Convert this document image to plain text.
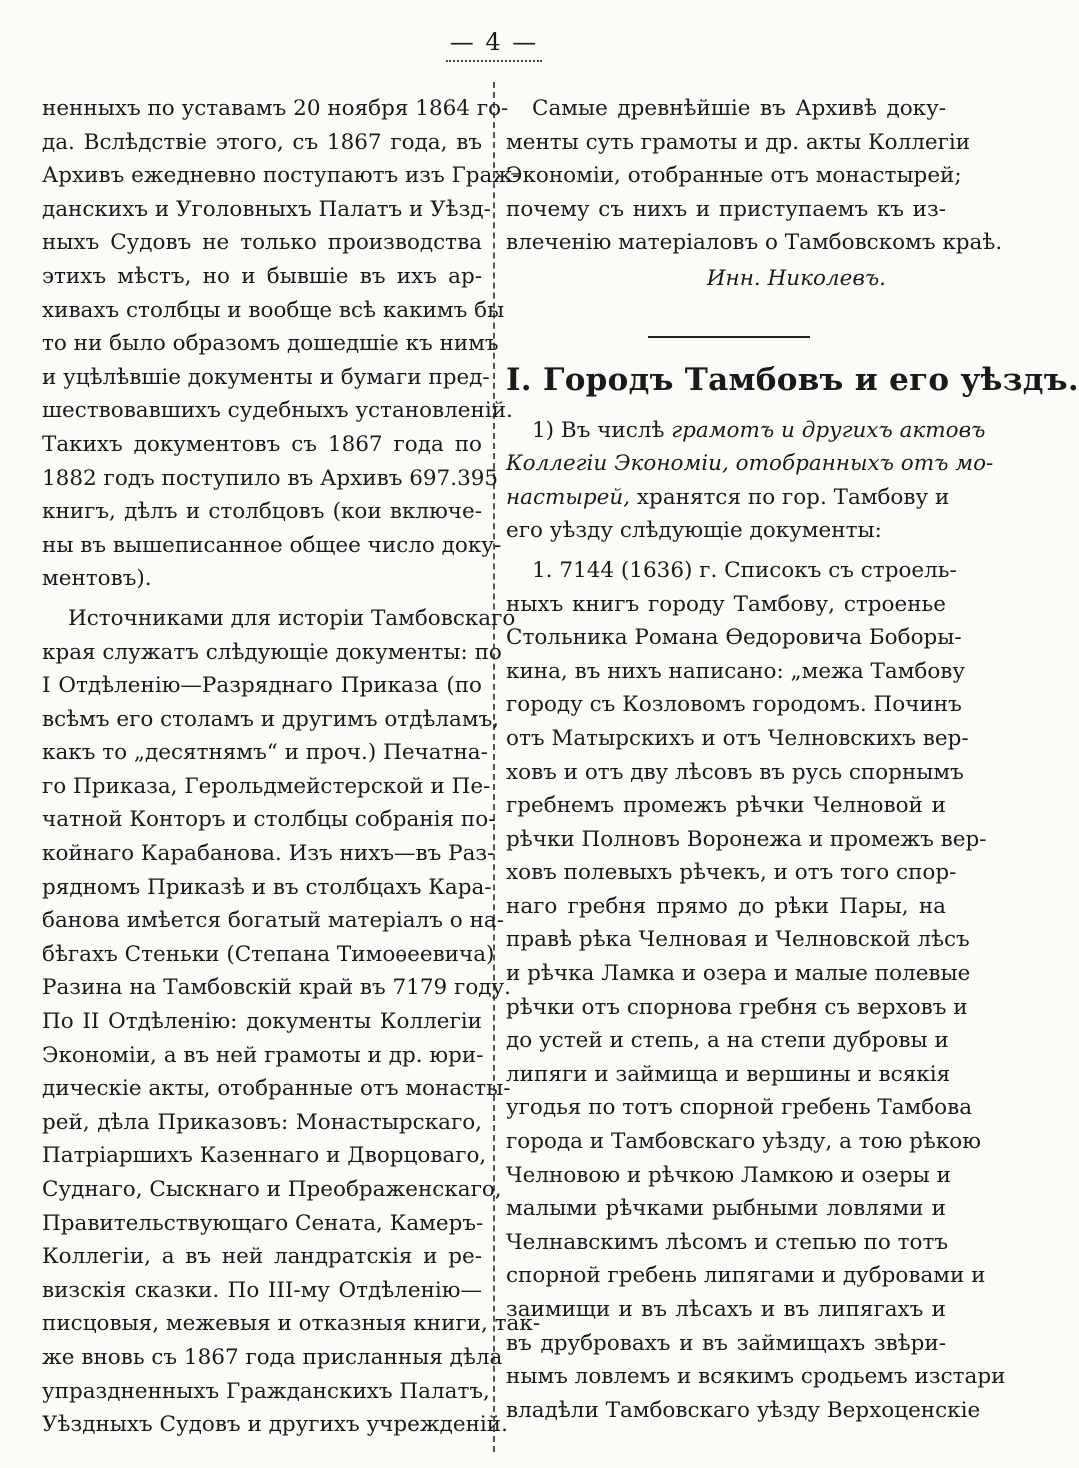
— 4 —
ненныхъ по уставамъ 20 ноября 1864 го-
да. Вслѣдствіе этого, съ 1867 года, въ
Архивъ ежедневно поступаютъ изъ Граж-
данскихъ и Уголовныхъ Палатъ и Уѣзд-
ныхъ Судовъ не только производства
этихъ мѣстъ, но и бывшіе въ ихъ ар-
хивахъ столбцы и вообще всѣ какимъ бы
то ни было образомъ дошедшіе къ нимъ
и уцѣлѣвшіе документы и бумаги пред-
шествовавшихъ судебныхъ установленій.
Такихъ документовъ съ 1867 года по
1882 годъ поступило въ Архивъ 697.395
книгъ, дѣлъ и столбцовъ (кои включе-
ны въ вышеписанное общее число доку-
ментовъ).
Источниками для исторіи Тамбовскаго
края служатъ слѣдующіе документы: по
I Отдѣленію—Разряднаго Приказа (по
всѣмъ его столамъ и другимъ отдѣламъ,
какъ то „десятнямъ“ и проч.) Печатна-
го Приказа, Герольдмейстерской и Пе-
чатной Конторъ и столбцы собранія по-
койнаго Карабанова. Изъ нихъ—въ Раз-
рядномъ Приказѣ и въ столбцахъ Кара-
банова имѣется богатый матеріалъ о на-
бѣгахъ Стеньки (Степана Тимоѳеевича)
Разина на Тамбовскій край въ 7179 году.
По II Отдѣленію: документы Коллегіи
Экономіи, а въ ней грамоты и др. юри-
дическіе акты, отобранные отъ монасты-
рей, дѣла Приказовъ: Монастырскаго,
Патріаршихъ Казеннаго и Дворцоваго,
Суднаго, Сыскнаго и Преображенскаго,
Правительствующаго Сената, Камеръ-
Коллегіи, а въ ней ландратскія и ре-
визскія сказки. По III-му Отдѣленію—
писцовыя, межевыя и отказныя книги, так-
же вновь съ 1867 года присланныя дѣла
упраздненныхъ Гражданскихъ Палатъ,
Уѣздныхъ Судовъ и другихъ учрежденій.
Самые древнѣйшіе въ Архивѣ доку-
менты суть грамоты и др. акты Коллегіи
Экономіи, отобранные отъ монастырей;
почему съ нихъ и приступаемъ къ из-
влеченію матеріаловъ о Тамбовскомъ краѣ.
Инн. Николевъ.
I. Городъ Тамбовъ и его уѣздъ.
1) Въ числѣ грамотъ и другихъ актовъ
Коллегіи Экономіи, отобранныхъ отъ мо-
настырей, хранятся по гор. Тамбову и
его уѣзду слѣдующіе документы:
1. 7144 (1636) г. Списокъ съ строель-
ныхъ книгъ городу Тамбову, строенье
Стольника Романа Ѳедоровича Боборы-
кина, въ нихъ написано: „межа Тамбову
городу съ Козловомъ городомъ. Починъ
отъ Матырскихъ и отъ Челновскихъ вер-
ховъ и отъ дву лѣсовъ въ русь спорнымъ
гребнемъ промежъ рѣчки Челновой и
рѣчки Полновъ Воронежа и промежъ вер-
ховъ полевыхъ рѣчекъ, и отъ того спор-
наго гребня прямо до рѣки Пары, на
правѣ рѣка Челновая и Челновской лѣсъ
и рѣчка Ламка и озера и малые полевые
рѣчки отъ спорнова гребня съ верховъ и
до устей и степь, а на степи дубровы и
липяги и займища и вершины и всякія
угодья по тотъ спорной гребень Тамбова
города и Тамбовскаго уѣзду, а тою рѣкою
Челновою и рѣчкою Ламкою и озеры и
малыми рѣчками рыбными ловлями и
Челнавскимъ лѣсомъ и степью по тотъ
спорной гребень липягами и дубровами и
заимищи и въ лѣсахъ и въ липягахъ и
въ друбровахъ и въ займищахъ звѣри-
нымъ ловлемъ и всякимъ сродьемъ изстари
владѣли Тамбовскаго уѣзду Верхоценскіе
